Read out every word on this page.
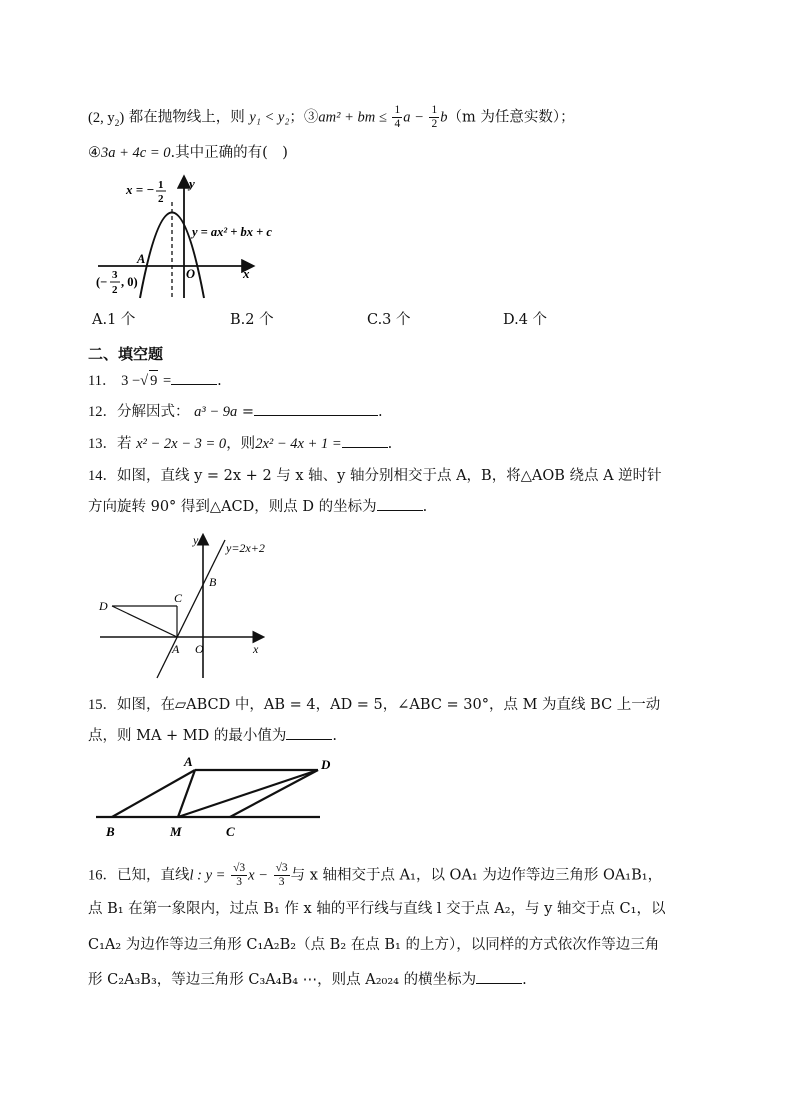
(2, $y_2$) 都在抛物线上，则 y₁ < y₂；③am² + bm ≤ $\frac{1}{4}$ $a - \frac{1}{2} b(m$ 为任意实数）；
④3a + 4c = 0.其中正确的有(　)
x = − 1
2
y
y = ax² + bx + c
x
O
A
(− 3
2
, 0)
A.1 个	B.2 个	C.3 个	D.4 个
二、填空题
11． 3 −√ 9 =	.
12．分解因式： a³ − 9a =	.
13．若 x² − 2x − 3 = 0，则2x² − 4x + 1 =	.
14．如图，直线 y = 2x + 2 与 x 轴、y 轴分别相交于点 A，B，将△AOB 绕点 A 逆时针
方向旋转 90° 得到△ACD，则点 D 的坐标为	.
y
y=2x+2
B
C
D
A O	x
15．如图，在▱ABCD 中，AB = 4，AD = 5，∠ABC = 30°，点 M 为直线 BC 上一动
点，则 MA + MD 的最小值为	.
A	D
B	M	C
16．已知，直线l : $y = \frac{√3}{3}$ $x - \frac{√3}{3}$ 与 x 轴相交于点 A₁，以 OA₁ 为边作等边三角形 OA₁B₁，
点 B₁ 在第一象限内，过点 B₁ 作 x 轴的平行线与直线 l 交于点 A₂，与 y 轴交于点 C₁，以
C₁A₂ 为边作等边三角形 C₁A₂B₂（点 B₂ 在点 B₁ 的上方），以同样的方式依次作等边三角
形 C₂A₃B₃，等边三角形 C₃A₄B₄ ⋯，则点 A₂₀₂₄ 的横坐标为	.
